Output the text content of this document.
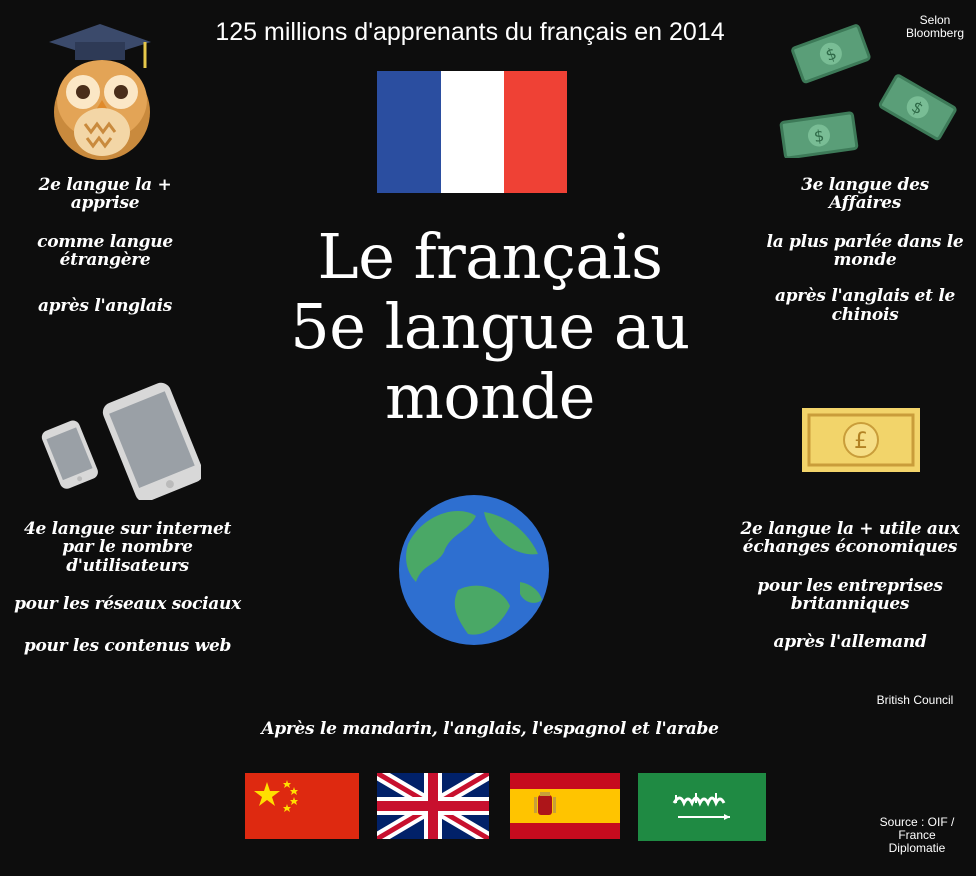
125 millions d'apprenants du français en 2014	Selon
Bloomberg
$
$
$
2e langue la +
apprise
comme langue
étrangère
après l'anglais
3e langue des
Affaires
la plus parlée dans le
monde
après l'anglais et le
chinois
Le français
5e langue au
monde
£
4e langue sur internet
par le nombre
d'utilisateurs
pour les réseaux sociaux
pour les contenus web
2e langue la + utile aux
échanges économiques
pour les entreprises
britanniques
après l'allemand
British Council
Après le mandarin, l'anglais, l'espagnol et l'arabe
Source : OIF /
France
Diplomatie
